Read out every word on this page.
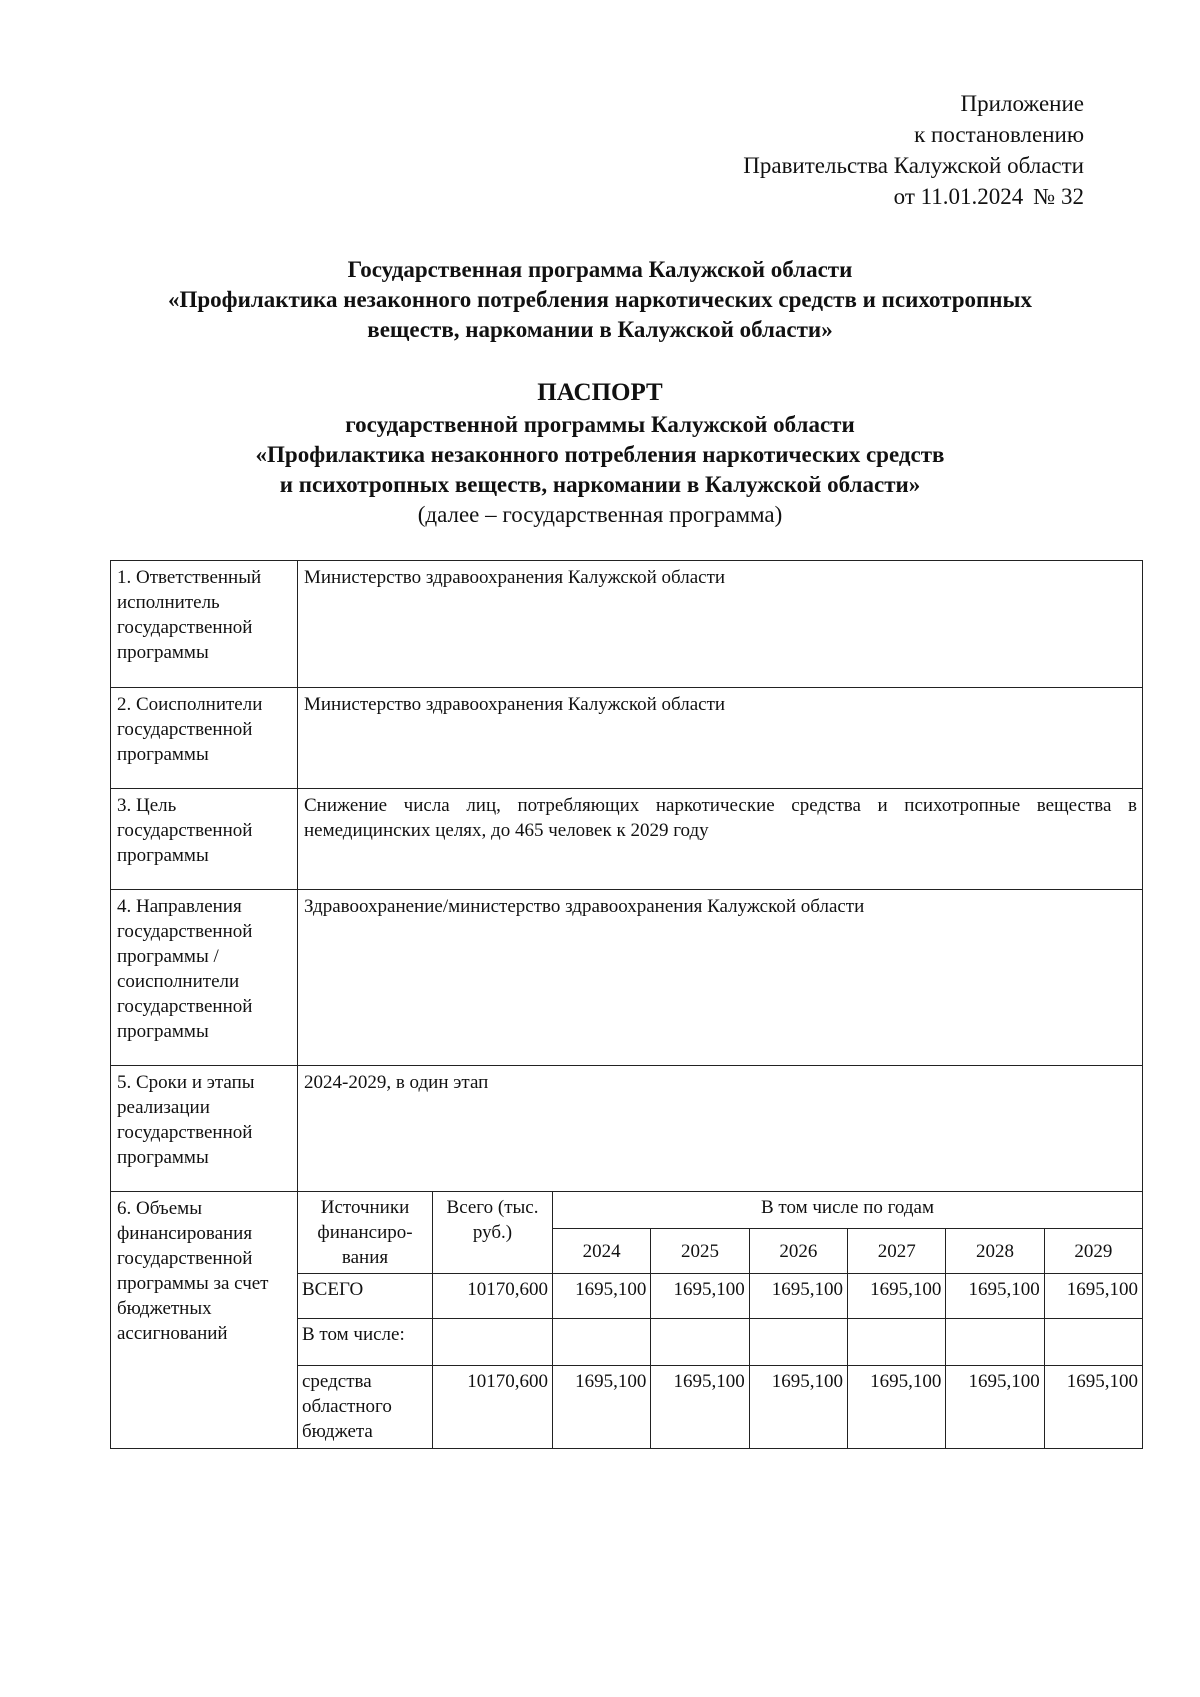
Приложение
к постановлению
Правительства Калужской области
от 11.01.2024 № 32
Государственная программа Калужской области
«Профилактика незаконного потребления наркотических средств и психотропных
веществ, наркомании в Калужской области»
ПАСПОРТ
государственной программы Калужской области
«Профилактика незаконного потребления наркотических средств
и психотропных веществ, наркомании в Калужской области»
(далее – государственная программа)
1. Ответственный исполнитель государственной программы	Министерство здравоохранения Калужской области
2. Соисполнители государственной программы	Министерство здравоохранения Калужской области
3. Цель государственной программы	Снижение числа лиц, потребляющих наркотические средства и психотропные вещества в немедицинских целях, до 465 человек к 2029 году
4. Направления государственной программы / соисполнители государственной программы	Здравоохранение/министерство здравоохранения Калужской области
5. Сроки и этапы реализации государственной программы	2024-2029, в один этап
6. Объемы финансирования государственной программы за счет бюджетных ассигнований	
Источники финансиро-вания	Всего (тыс. руб.)	В том числе по годам
2024	2025	2026	2027	2028	2029
ВСЕГО	10170,600	1695,100	1695,100	1695,100	1695,100	1695,100	1695,100
В том числе:							
средства областного бюджета	10170,600	1695,100	1695,100	1695,100	1695,100	1695,100	1695,100
